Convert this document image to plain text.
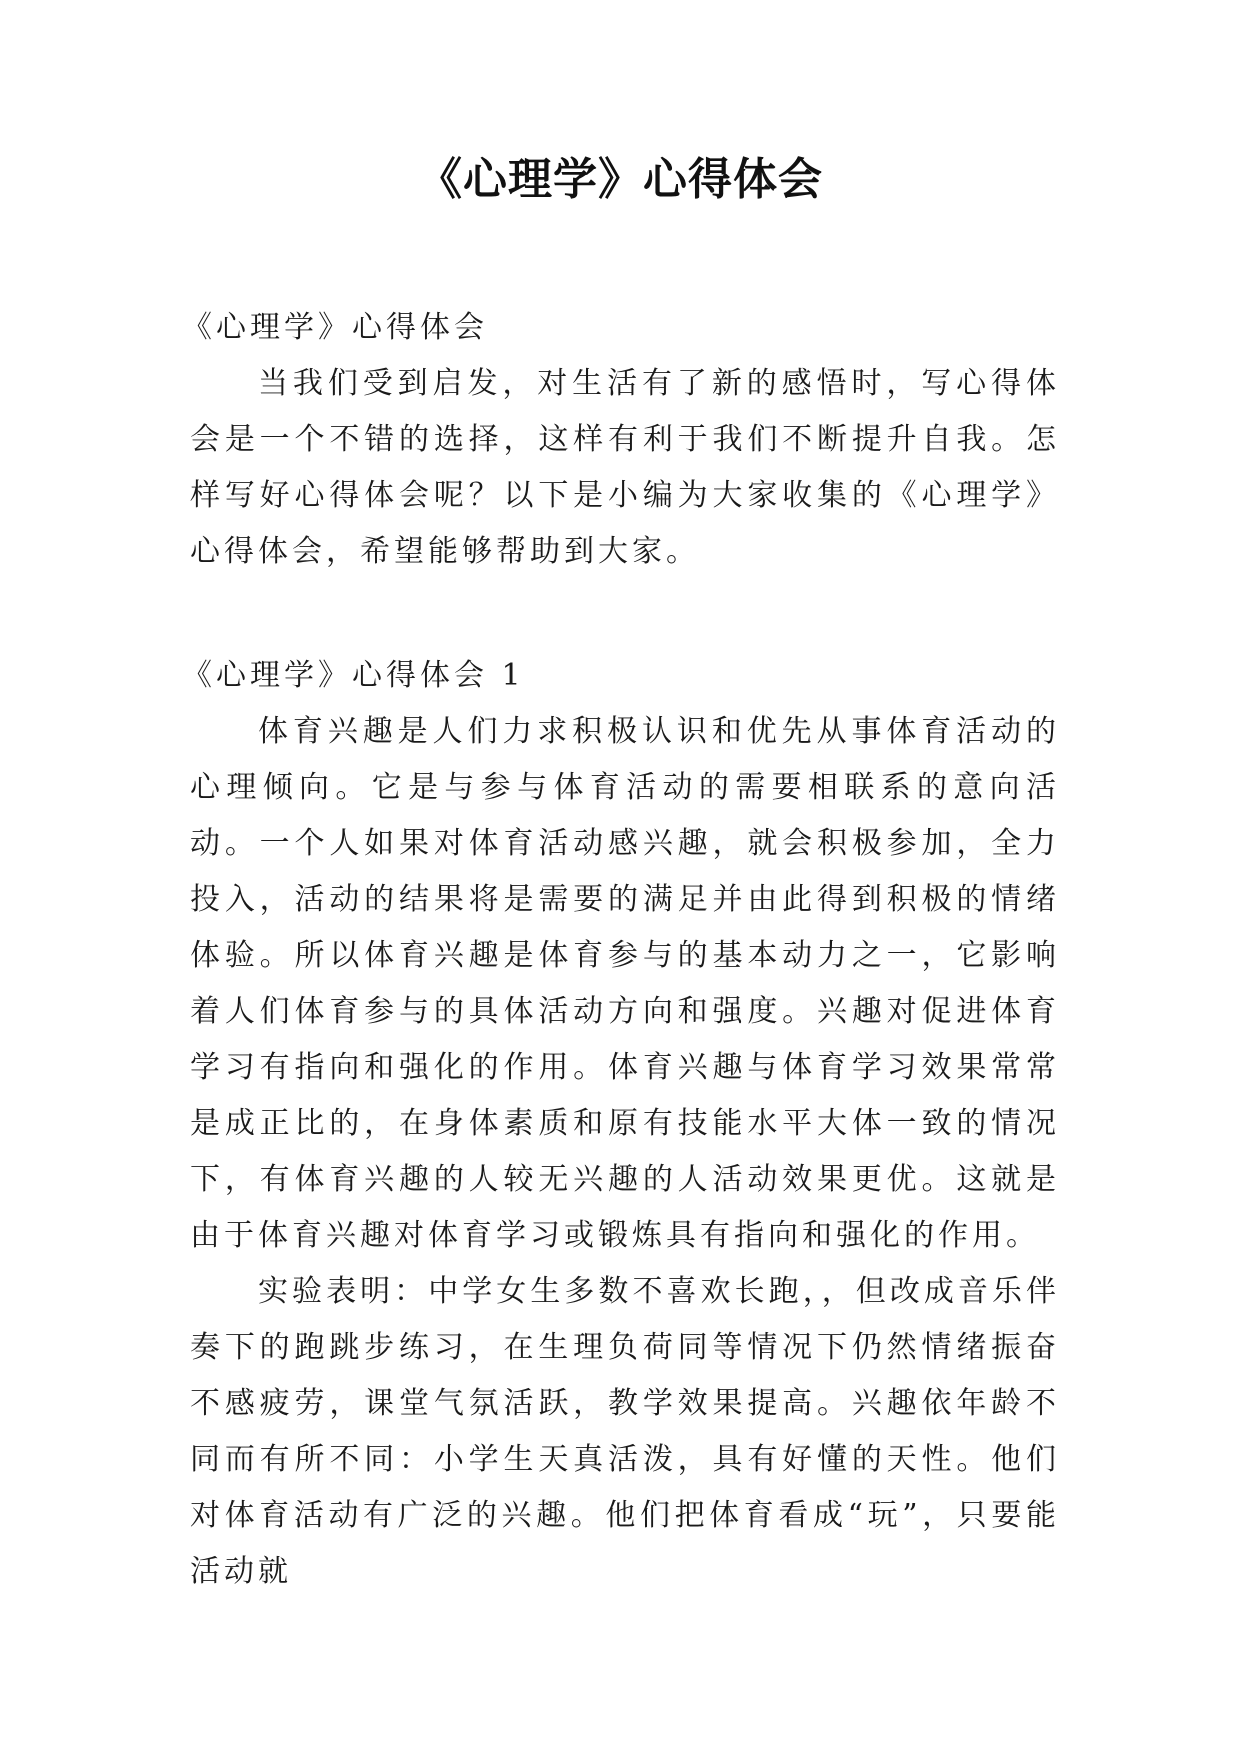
《心理学》心得体会

《心理学》心得体会

当我们受到启发，对生活有了新的感悟时，写心得体会是一个不错的选择，这样有利于我们不断提升自我。怎样写好心得体会呢？以下是小编为大家收集的《心理学》心得体会，希望能够帮助到大家。

《心理学》心得体会 1

体育兴趣是人们力求积极认识和优先从事体育活动的心理倾向。它是与参与体育活动的需要相联系的意向活动。一个人如果对体育活动感兴趣，就会积极参加，全力投入，活动的结果将是需要的满足并由此得到积极的情绪体验。所以体育兴趣是体育参与的基本动力之一，它影响着人们体育参与的具体活动方向和强度。兴趣对促进体育学习有指向和强化的作用。体育兴趣与体育学习效果常常是成正比的，在身体素质和原有技能水平大体一致的情况下，有体育兴趣的人较无兴趣的人活动效果更优。这就是由于体育兴趣对体育学习或锻炼具有指向和强化的作用。

实验表明：中学女生多数不喜欢长跑，，但改成音乐伴奏下的跑跳步练习，在生理负荷同等情况下仍然情绪振奋不感疲劳，课堂气氛活跃，教学效果提高。兴趣依年龄不同而有所不同：小学生天真活泼，具有好懂的天性。他们对体育活动有广泛的兴趣。他们把体育看成“玩”，只要能活动就
